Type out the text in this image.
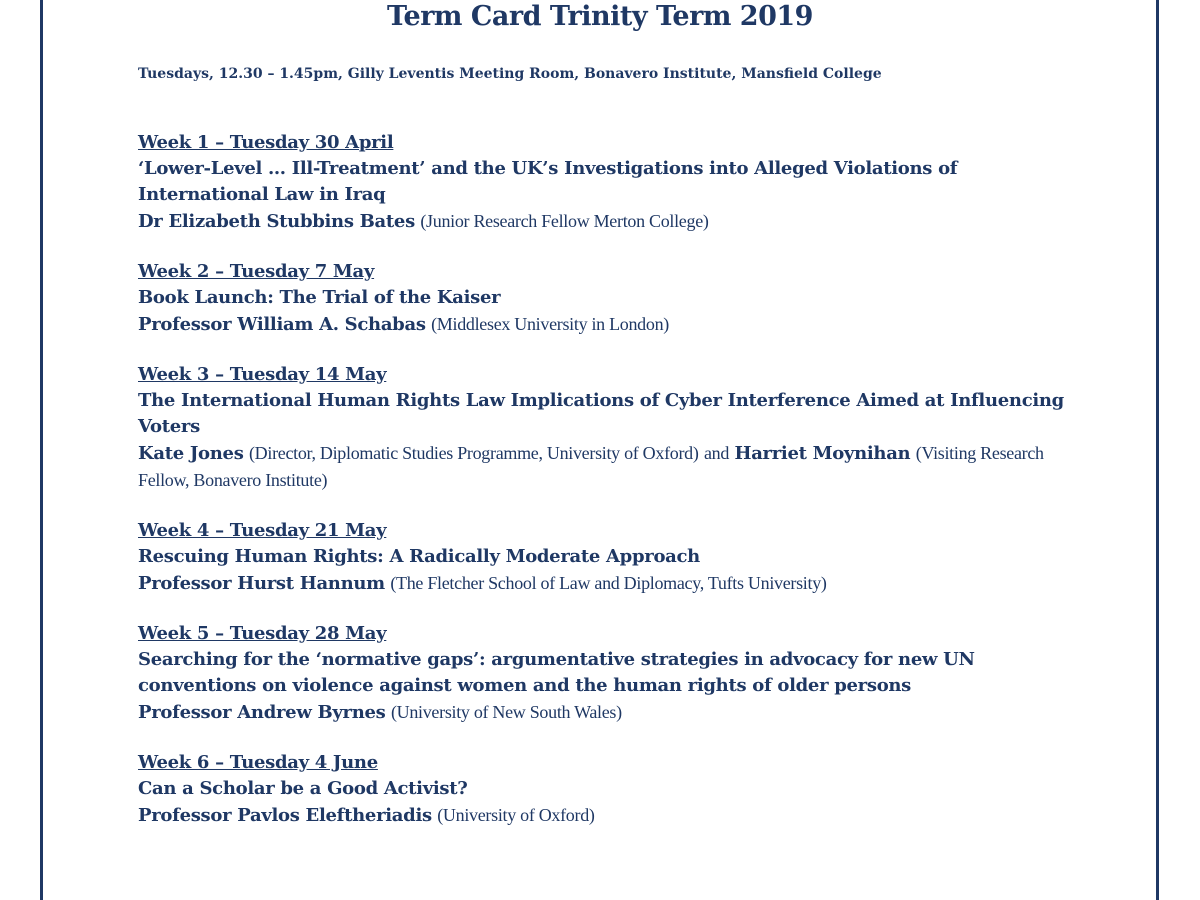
Term Card Trinity Term 2019
Tuesdays, 12.30 – 1.45pm, Gilly Leventis Meeting Room, Bonavero Institute, Mansfield College
Week 1 – Tuesday 30 April
‘Lower-Level … Ill-Treatment’ and the UK’s Investigations into Alleged Violations of International Law in Iraq
Dr Elizabeth Stubbins Bates (Junior Research Fellow Merton College)
Week 2 – Tuesday 7 May
Book Launch: The Trial of the Kaiser
Professor William A. Schabas (Middlesex University in London)
Week 3 – Tuesday 14 May
The International Human Rights Law Implications of Cyber Interference Aimed at Influencing Voters
Kate Jones (Director, Diplomatic Studies Programme, University of Oxford) and Harriet Moynihan (Visiting Research Fellow, Bonavero Institute)
Week 4 – Tuesday 21 May
Rescuing Human Rights: A Radically Moderate Approach
Professor Hurst Hannum (The Fletcher School of Law and Diplomacy, Tufts University)
Week 5 – Tuesday 28 May
Searching for the ‘normative gaps’: argumentative strategies in advocacy for new UN conventions on violence against women and the human rights of older persons
Professor Andrew Byrnes (University of New South Wales)
Week 6 – Tuesday 4 June
Can a Scholar be a Good Activist?
Professor Pavlos Eleftheriadis (University of Oxford)
